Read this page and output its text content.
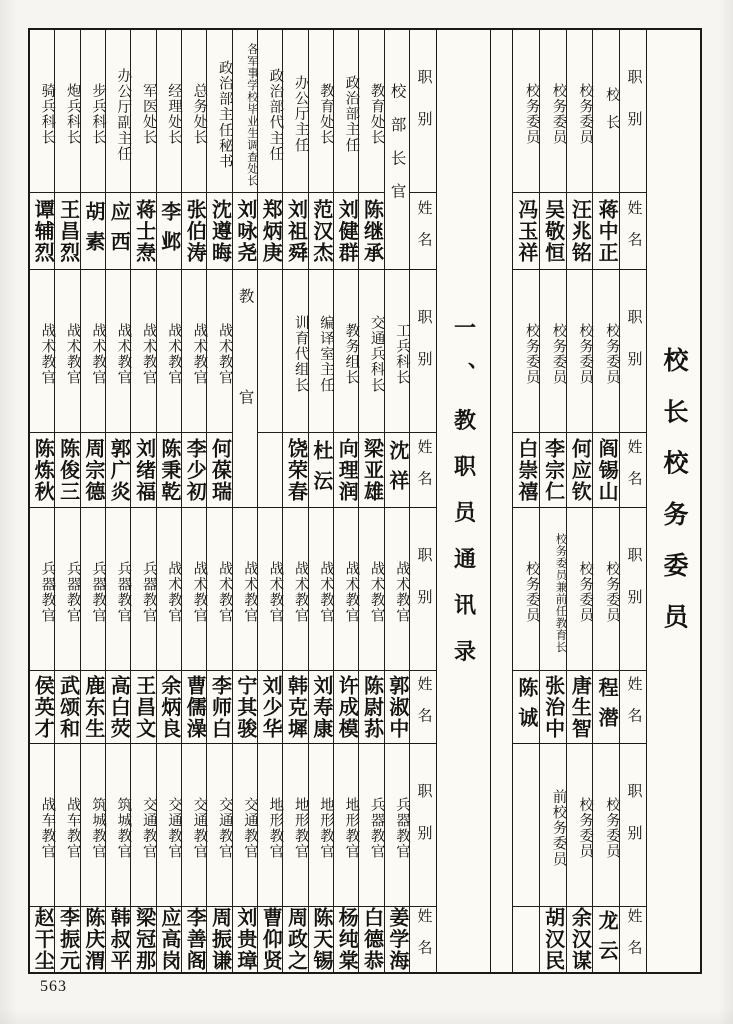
职别
姓名
校部长官
教育处长
陈继承
政治部主任
刘健群
教育处长
范汉杰
办公厅主任
刘祖舜
政治部代主任
郑炳庚
各军事学校毕业生调查处长
刘咏尧
政治部主任秘书
沈遵晦
总务处长
张伯涛
经理处长
李邺
军医处长
蒋士焘
办公厅副主任
应西
步兵科长
胡素
炮兵科长
王昌烈
骑兵科长
谭辅烈
职别
姓名
工兵科长
沈祥
交通兵科长
梁亚雄
教务组长
向理润
编译室主任
杜沄
训育代组长
饶荣春
教官
战术教官
何葆瑞
战术教官
李少初
战术教官
陈秉乾
战术教官
刘绪福
战术教官
郭广炎
战术教官
周宗德
战术教官
陈俊三
战术教官
陈炼秋
职别
姓名
战术教官
郭淑中
战术教官
陈尉荪
战术教官
许成模
战术教官
刘寿康
战术教官
韩克墀
战术教官
刘少华
战术教官
宁其骏
战术教官
李师白
战术教官
曹儒澡
战术教官
余炳良
兵器教官
王昌文
兵器教官
高白荧
兵器教官
鹿东生
兵器教官
武颂和
兵器教官
侯英才
职别
姓名
兵器教官
姜学海
兵器教官
白德恭
地形教官
杨纯棠
地形教官
陈天锡
地形教官
周政之
地形教官
曹仰贤
交通教官
刘贵璋
交通教官
周振谦
交通教官
李善阁
交通教官
应高岗
交通教官
梁冠那
筑城教官
韩叔平
筑城教官
陈庆渭
战车教官
李振元
战车教官
赵干尘
一、教职员通讯录
职别
姓名
校长
蒋中正
校务委员
汪兆铭
校务委员
吴敬恒
校务委员
冯玉祥
职别
姓名
校务委员
阎锡山
校务委员
何应钦
校务委员
李宗仁
校务委员
白崇禧
职别
姓名
校务委员
程潜
校务委员
唐生智
校务委员兼前任教育长
张治中
校务委员
陈诚
职别
姓名
校务委员
龙云
校务委员
余汉谋
前校务委员
胡汉民
校长校务委员
563
